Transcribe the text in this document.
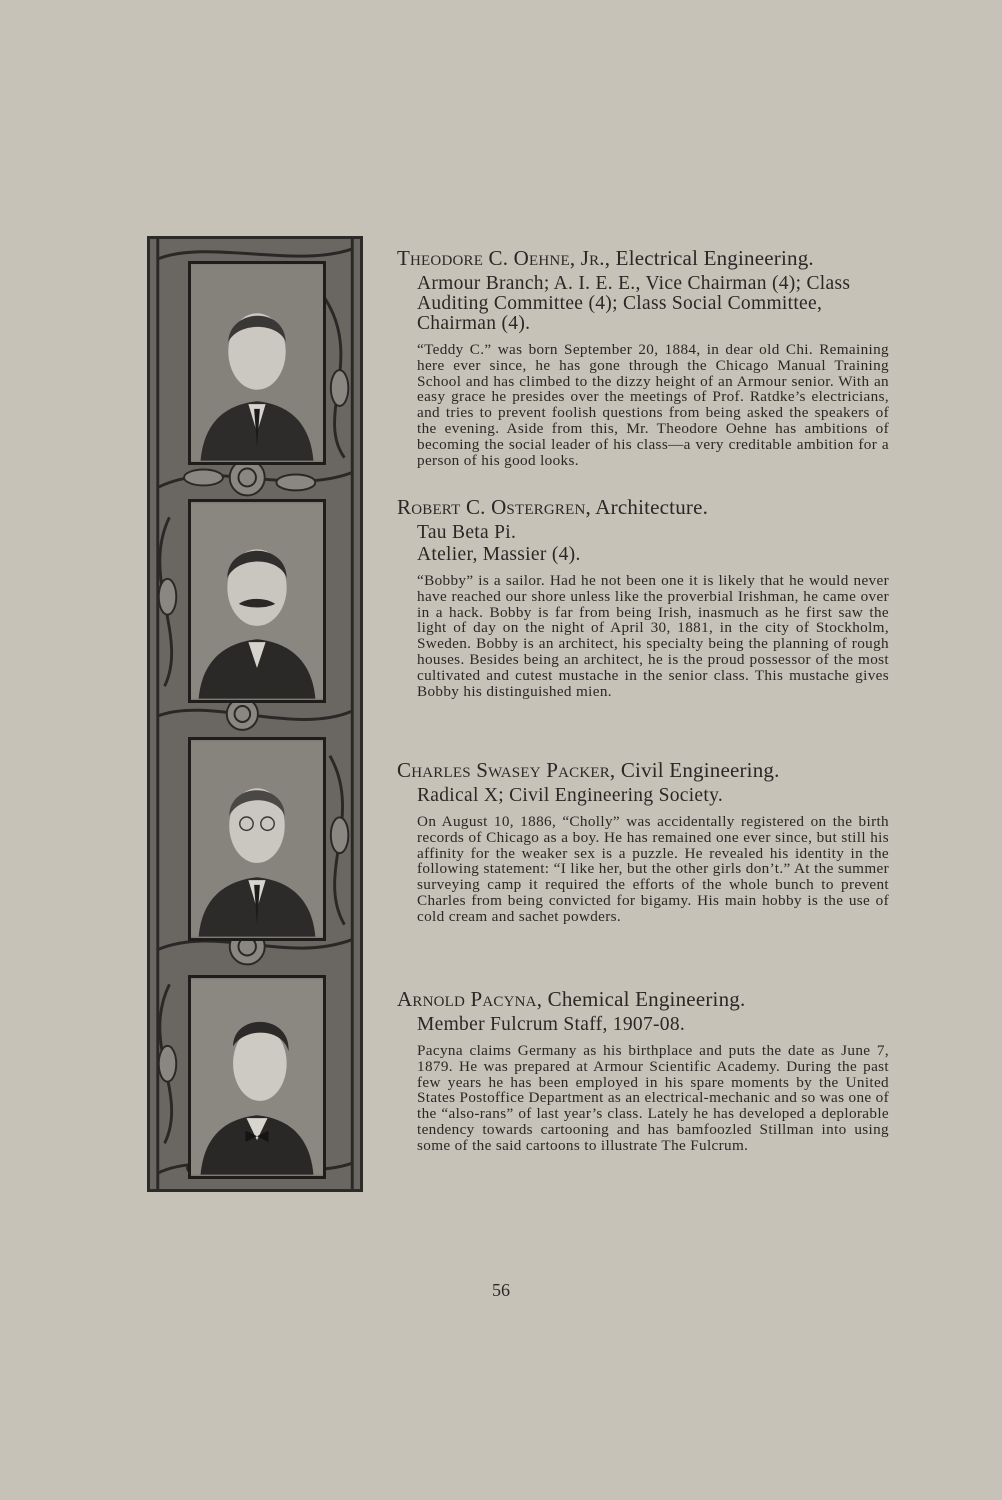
Theodore C. Oehne, Jr., Electrical Engineering.

Armour Branch; A. I. E. E., Vice Chairman (4); Class Auditing Committee (4); Class Social Committee, Chairman (4).

“Teddy C.” was born September 20, 1884, in dear old Chi. Remaining here ever since, he has gone through the Chicago Manual Training School and has climbed to the dizzy height of an Armour senior. With an easy grace he presides over the meetings of Prof. Ratdke’s electricians, and tries to prevent foolish questions from being asked the speakers of the evening. Aside from this, Mr. Theodore Oehne has ambitions of becoming the social leader of his class—a very creditable ambition for a person of his good looks.

Robert C. Ostergren, Architecture.

Tau Beta Pi.

Atelier, Massier (4).

“Bobby” is a sailor. Had he not been one it is likely that he would never have reached our shore unless like the proverbial Irishman, he came over in a hack. Bobby is far from being Irish, inasmuch as he first saw the light of day on the night of April 30, 1881, in the city of Stockholm, Sweden. Bobby is an architect, his specialty being the planning of rough houses. Besides being an architect, he is the proud possessor of the most cultivated and cutest mustache in the senior class. This mustache gives Bobby his distinguished mien.

Charles Swasey Packer, Civil Engineering.

Radical X; Civil Engineering Society.

On August 10, 1886, “Cholly” was accidentally registered on the birth records of Chicago as a boy. He has remained one ever since, but still his affinity for the weaker sex is a puzzle. He revealed his identity in the following statement: “I like her, but the other girls don’t.” At the summer surveying camp it required the efforts of the whole bunch to prevent Charles from being convicted for bigamy. His main hobby is the use of cold cream and sachet powders.

Arnold Pacyna, Chemical Engineering.

Member Fulcrum Staff, 1907-08.

Pacyna claims Germany as his birthplace and puts the date as June 7, 1879. He was prepared at Armour Scientific Academy. During the past few years he has been employed in his spare moments by the United States Postoffice Department as an electrical-mechanic and so was one of the “also-rans” of last year’s class. Lately he has developed a deplorable tendency towards cartooning and has bamfoozled Stillman into using some of the said cartoons to illustrate The Fulcrum.

56
